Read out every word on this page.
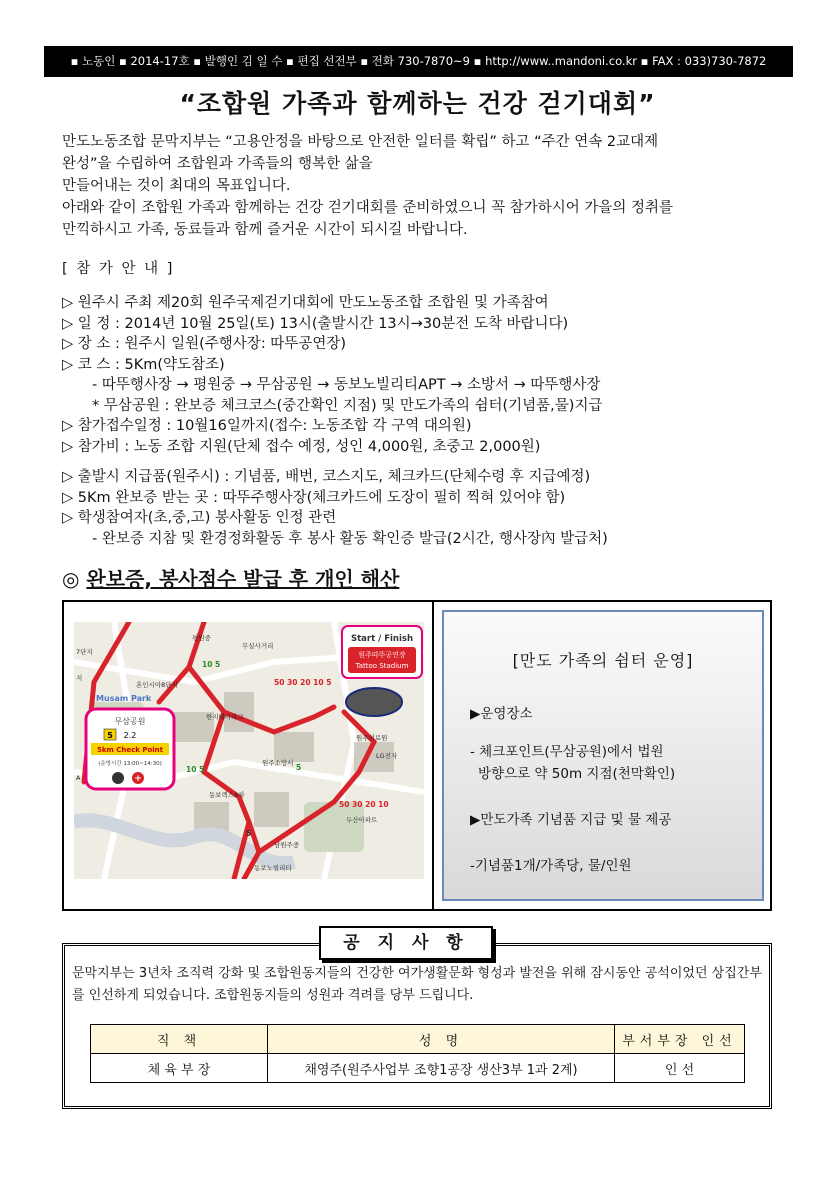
▪ 노동인 ▪ 2014-17호 ▪ 발행인 김 일 수 ▪ 편집 선전부 ▪ 전화 730-7870~9 ▪ http://www..mandoni.co.kr ▪ FAX : 033)730-7872
“조합원 가족과 함께하는 건강 걷기대회”

만도노동조합 문막지부는 “고용안정을 바탕으로 안전한 일터를 확립” 하고 “주간 연속 2교대제

완성”을 수립하여 조합원과 가족들의 행복한 삶을

만들어내는 것이 최대의 목표입니다.

아래와 같이 조합원 가족과 함께하는 건강 걷기대회를 준비하였으니 꼭 참가하시어 가을의 정취를

만끽하시고 가족, 동료들과 함께 즐거운 시간이 되시길 바랍니다.

[ 참 가 안 내 ]
▷ 원주시 주최 제20회 원주국제걷기대회에 만도노동조합 조합원 및 가족참여
▷ 일 정 : 2014년 10월 25일(토) 13시(출발시간 13시→30분전 도착 바랍니다)
▷ 장 소 : 원주시 일원(주행사장: 따뚜공연장)
▷ 코 스 : 5Km(약도참조)
- 따뚜행사장 → 평원중 → 무삼공원 → 동보노빌리티APT → 소방서 → 따뚜행사장
* 무삼공원 : 완보증 체크코스(중간확인 지점) 및 만도가족의 쉼터(기념품,물)지급
▷ 참가접수일정 : 10월16일까지(접수: 노동조합 각 구역 대의원)
▷ 참가비 : 노동 조합 지원(단체 접수 예정, 성인 4,000원, 초중고 2,000원)
▷ 출발시 지급품(원주시) : 기념품, 배번, 코스지도, 체크카드(단체수령 후 지급예정)
▷ 5Km 완보증 받는 곳 : 따뚜주행사장(체크카드에 도장이 필히 찍혀 있어야 함)
▷ 학생참여자(초,중,고) 봉사활동 인정 관련
- 완보증 지참 및 환경정화활동 후 봉사 활동 확인증 발급(2시간, 행사장內 발급처)
◎ 완보증, 봉사점수 발급 후 개인 해산
Start / Finish
원주따뚜공연장
Tattoo Stadium
무삼공원
5 2.2
5km Check Point
(운영시간 13:00~14:30)
+
Musam Park
50 30 20 10 5
50 30 20 10
10 5
10 5	5
5
평원중
무실사거리
혼인시아8단지
한지테마파크
원주소방서
동보렉스9차
원주의료원
LG전자
두산아파트
남원주중
동보노빌리티
7단지
지
A
[만도 가족의 쉼터 운영]
▶운영장소
- 체크포인트(무삼공원)에서 법원
방향으로 약 50m 지점(천막확인)
▶만도가족 기념품 지급 및 물 제공
-기념품1개/가족당, 물/인원
공 지 사 항
문막지부는 3년차 조직력 강화 및 조합원동지들의 건강한 여가생활문화 형성과 발전을 위해 잠시동안 공석이었던 상집간부를 인선하게 되었습니다. 조합원동지들의 성원과 격려를 당부 드립니다.
직 책	성 명	부서부장 인선
체 육 부 장	채영주(원주사업부 조향1공장 생산3부 1과 2계)	인 선
